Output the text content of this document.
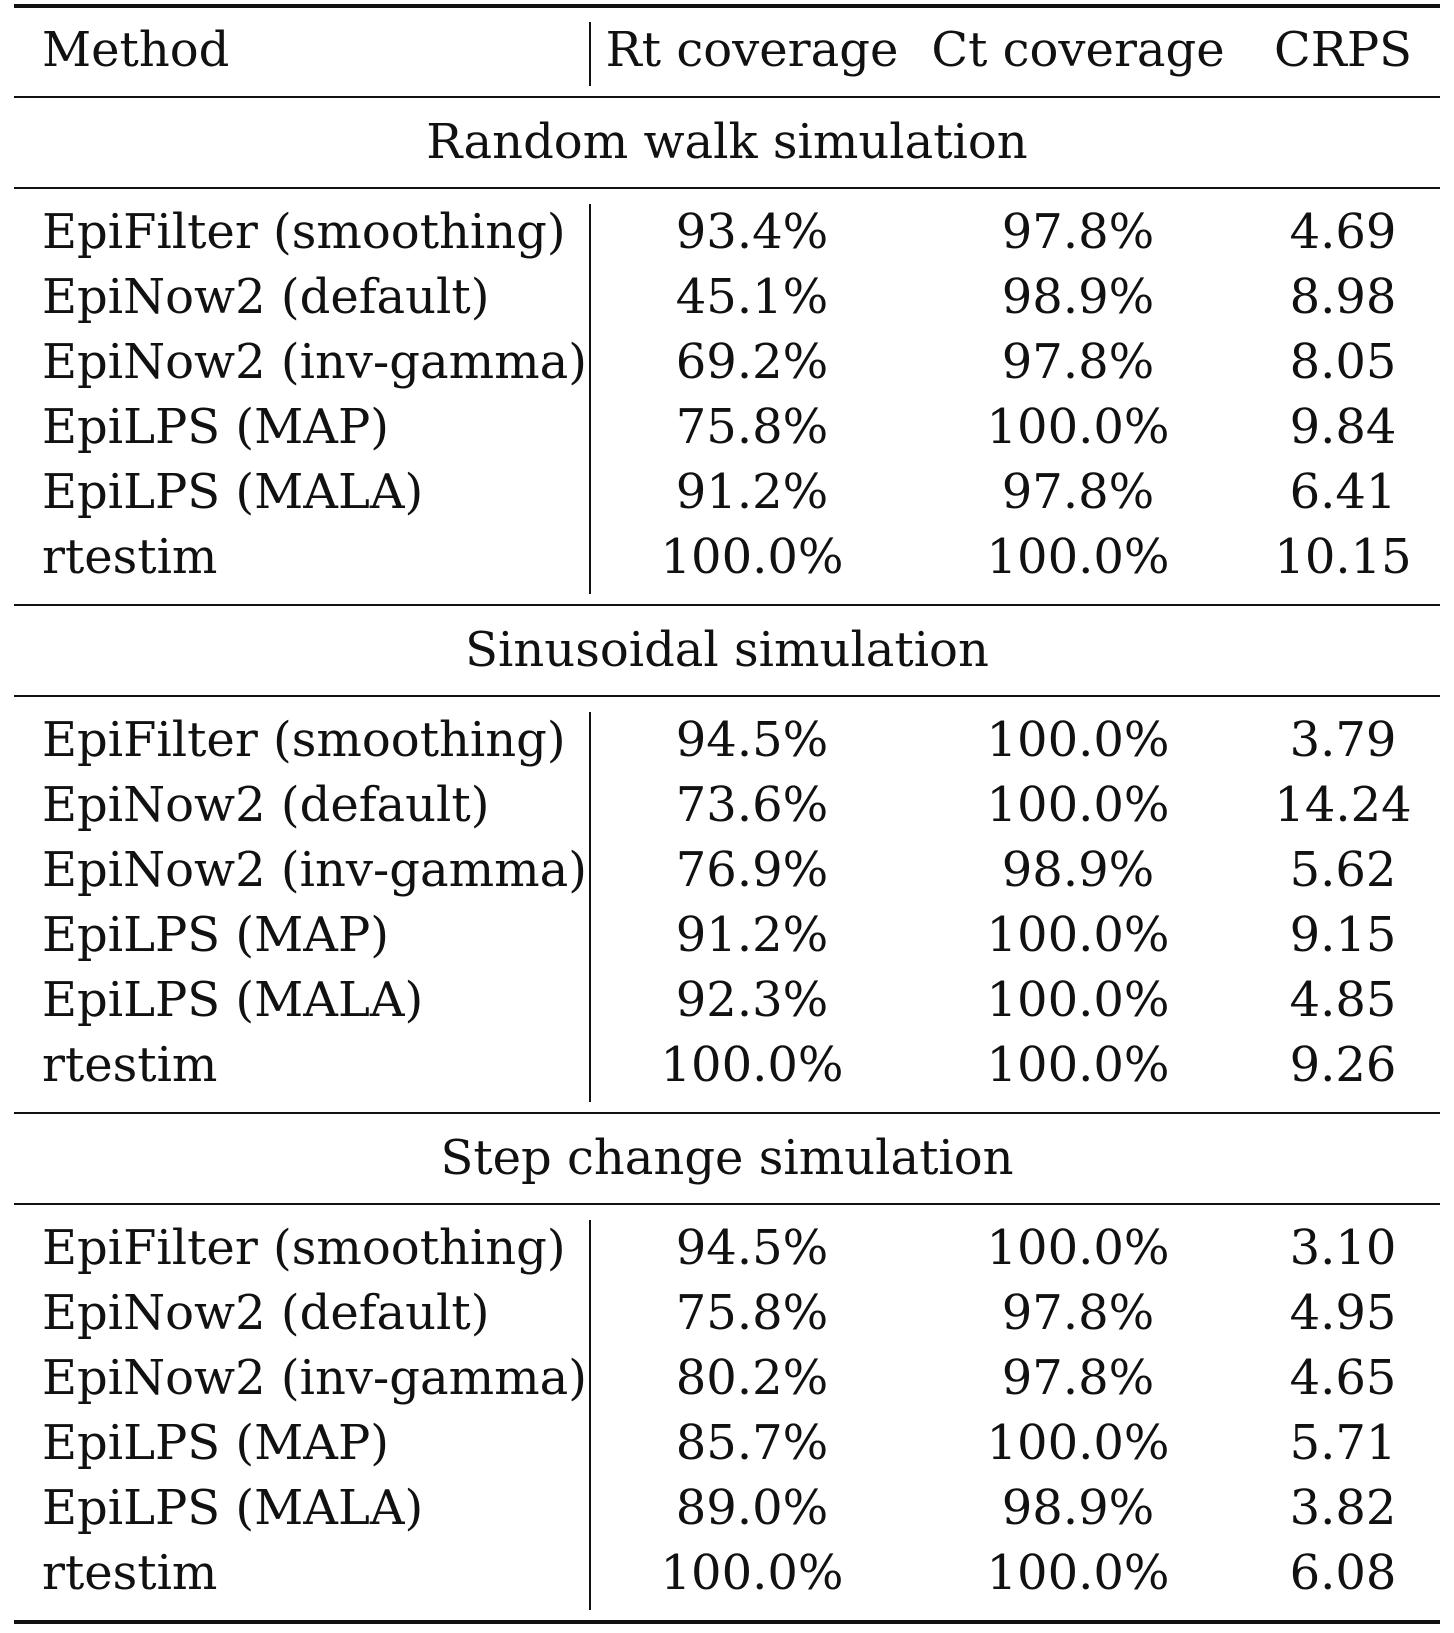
Method	Rt coverage Ct coverage CRPS
Random walk simulation
EpiFilter (smoothing) 93.4%	97.8%	4.69
EpiNow2 (default)	45.1%	98.9%	8.98
EpiNow2 (inv-gamma) 69.2%	97.8%	8.05
EpiLPS (MAP)	75.8%	100.0%	9.84
EpiLPS (MALA)	91.2%	97.8%	6.41
rtestim	100.0%	100.0% 10.15
Sinusoidal simulation
EpiFilter (smoothing) 94.5%	100.0%	3.79
EpiNow2 (default)	73.6%	100.0% 14.24
EpiNow2 (inv-gamma) 76.9%	98.9%	5.62
EpiLPS (MAP)	91.2%	100.0%	9.15
EpiLPS (MALA)	92.3%	100.0%	4.85
rtestim	100.0%	100.0%	9.26
Step change simulation
EpiFilter (smoothing) 94.5%	100.0%	3.10
EpiNow2 (default)	75.8%	97.8%	4.95
EpiNow2 (inv-gamma) 80.2%	97.8%	4.65
EpiLPS (MAP)	85.7%	100.0%	5.71
EpiLPS (MALA)	89.0%	98.9%	3.82
rtestim	100.0%	100.0%	6.08
